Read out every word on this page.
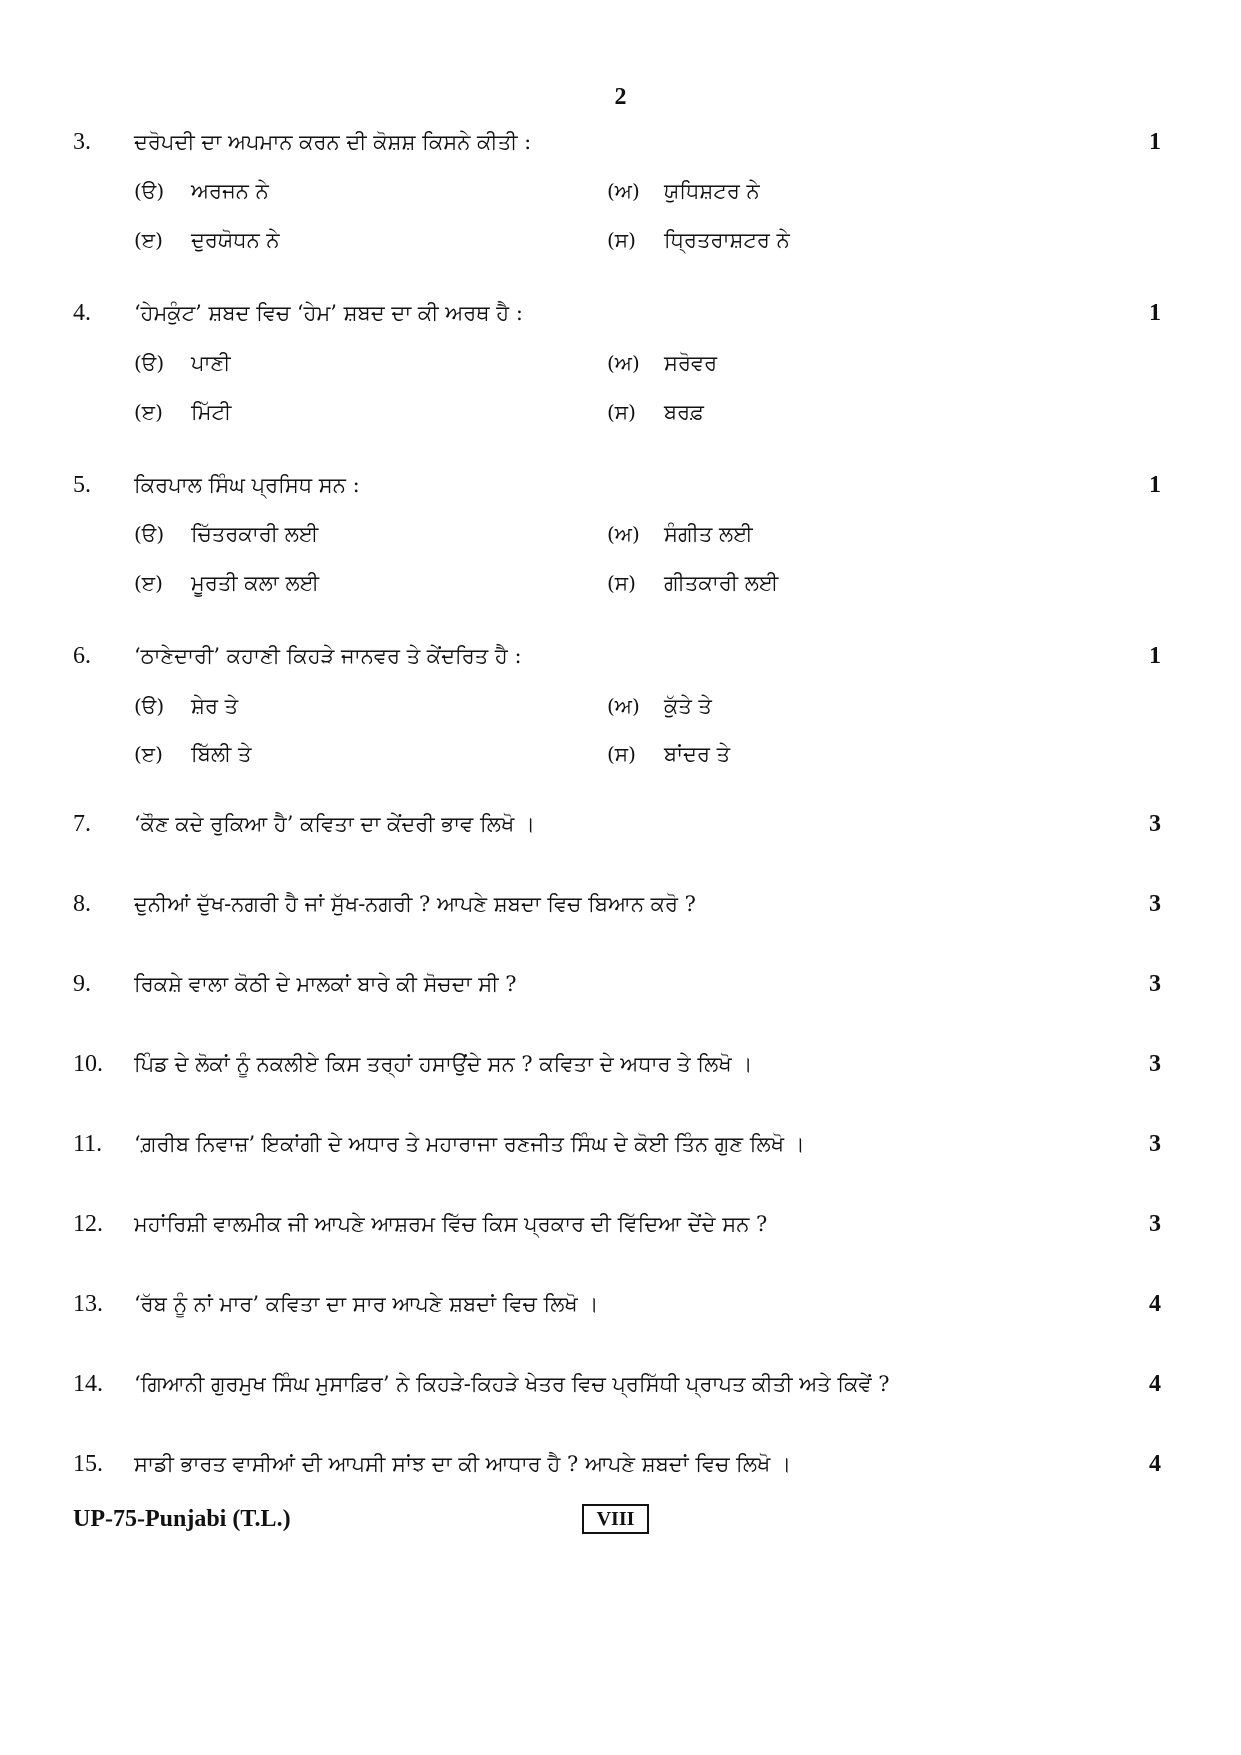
2
3. ਦਰੋਪਦੀ ਦਾ ਅਪਮਾਨ ਕਰਨ ਦੀ ਕੋਸ਼ਸ਼ ਕਿਸਨੇ ਕੀਤੀ :	1
(ੳ) ਅਰਜਨ ਨੇ	(ਅ) ਯੁਧਿਸ਼ਟਰ ਨੇ
(ੲ) ਦੁਰਯੋਧਨ ਨੇ	(ਸ) ਧ੍ਰਿਤਰਾਸ਼ਟਰ ਨੇ
4. ‘ਹੇਮਕੁੰਟ’ ਸ਼ਬਦ ਵਿਚ ‘ਹੇਮ’ ਸ਼ਬਦ ਦਾ ਕੀ ਅਰਥ ਹੈ :	1
(ੳ) ਪਾਣੀ	(ਅ) ਸਰੋਵਰ
(ੲ) ਮਿੱਟੀ	(ਸ) ਬਰਫ਼
5. ਕਿਰਪਾਲ ਸਿੰਘ ਪ੍ਰਸਿਧ ਸਨ :	1
(ੳ) ਚਿੱਤਰਕਾਰੀ ਲਈ	(ਅ) ਸੰਗੀਤ ਲਈ
(ੲ) ਮੂਰਤੀ ਕਲਾ ਲਈ	(ਸ) ਗੀਤਕਾਰੀ ਲਈ
6. ‘ਠਾਣੇਦਾਰੀ’ ਕਹਾਣੀ ਕਿਹੜੇ ਜਾਨਵਰ ਤੇ ਕੇਂਦਰਿਤ ਹੈ :	1
(ੳ) ਸ਼ੇਰ ਤੇ	(ਅ) ਕੁੱਤੇ ਤੇ
(ੲ) ਬਿੱਲੀ ਤੇ	(ਸ) ਬਾਂਦਰ ਤੇ
7. ‘ਕੌਣ ਕਦੇ ਰੁਕਿਆ ਹੈ’ ਕਵਿਤਾ ਦਾ ਕੇਂਦਰੀ ਭਾਵ ਲਿਖੋ ।	3
8. ਦੁਨੀਆਂ ਦੁੱਖ-ਨਗਰੀ ਹੈ ਜਾਂ ਸੁੱਖ-ਨਗਰੀ ? ਆਪਣੇ ਸ਼ਬਦਾ ਵਿਚ ਬਿਆਨ ਕਰੋ ?	3
9. ਰਿਕਸ਼ੇ ਵਾਲਾ ਕੋਠੀ ਦੇ ਮਾਲਕਾਂ ਬਾਰੇ ਕੀ ਸੋਚਦਾ ਸੀ ?	3
10. ਪਿੰਡ ਦੇ ਲੋਕਾਂ ਨੂੰ ਨਕਲੀਏ ਕਿਸ ਤਰ੍ਹਾਂ ਹਸਾਉਂਦੇ ਸਨ ? ਕਵਿਤਾ ਦੇ ਅਧਾਰ ਤੇ ਲਿਖੋ ।	3
11. ‘ਗ਼ਰੀਬ ਨਿਵਾਜ਼’ ਇਕਾਂਗੀ ਦੇ ਅਧਾਰ ਤੇ ਮਹਾਰਾਜਾ ਰਣਜੀਤ ਸਿੰਘ ਦੇ ਕੋਈ ਤਿੰਨ ਗੁਣ ਲਿਖੋ ।	3
12. ਮਹਾਂਰਿਸ਼ੀ ਵਾਲਮੀਕ ਜੀ ਆਪਣੇ ਆਸ਼ਰਮ ਵਿੱਚ ਕਿਸ ਪ੍ਰਕਾਰ ਦੀ ਵਿੱਦਿਆ ਦੇਂਦੇ ਸਨ ?	3
13. ‘ਰੱਬ ਨੂੰ ਨਾਂ ਮਾਰ’ ਕਵਿਤਾ ਦਾ ਸਾਰ ਆਪਣੇ ਸ਼ਬਦਾਂ ਵਿਚ ਲਿਖੋ ।	4
14. ‘ਗਿਆਨੀ ਗੁਰਮੁਖ ਸਿੰਘ ਮੁਸਾਫ਼ਿਰ’ ਨੇ ਕਿਹੜੇ-ਕਿਹੜੇ ਖੇਤਰ ਵਿਚ ਪ੍ਰਸਿੱਧੀ ਪ੍ਰਾਪਤ ਕੀਤੀ ਅਤੇ ਕਿਵੇਂ ?	4
15. ਸਾਡੀ ਭਾਰਤ ਵਾਸੀਆਂ ਦੀ ਆਪਸੀ ਸਾਂਝ ਦਾ ਕੀ ਆਧਾਰ ਹੈ ? ਆਪਣੇ ਸ਼ਬਦਾਂ ਵਿਚ ਲਿਖੋ ।	4
UP-75-Punjabi (T.L.)	VIII
